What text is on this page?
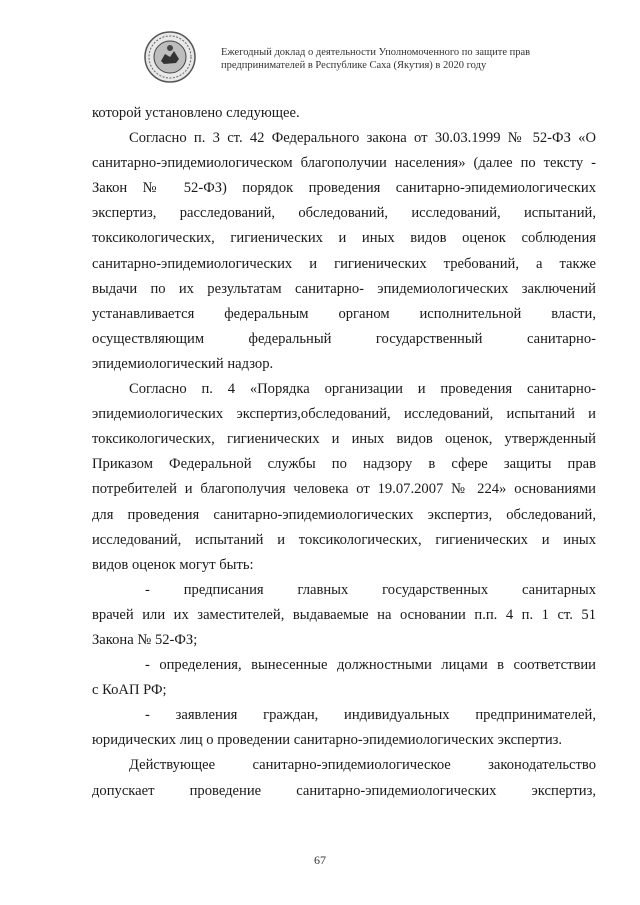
Ежегодный доклад о деятельности Уполномоченного по защите прав
предпринимателей в Республике Саха (Якутия) в 2020 году

которой установлено следующее.

Согласно п. 3 ст. 42 Федерального закона от 30.03.1999 № 52-ФЗ «О
санитарно-эпидемиологическом благополучии населения» (далее по тексту -
Закон № 52-ФЗ) порядок проведения санитарно-эпидемиологических
экспертиз, расследований, обследований, исследований, испытаний,
токсикологических, гигиенических и иных видов оценок соблюдения
санитарно-эпидемиологических и гигиенических требований, а также
выдачи по их результатам санитарно- эпидемиологических заключений
устанавливается федеральным органом исполнительной власти,
осуществляющим федеральный государственный санитарно-
эпидемиологический надзор.

Согласно п. 4 «Порядка организации и проведения санитарно-
эпидемиологических экспертиз,обследований, исследований, испытаний и
токсикологических, гигиенических и иных видов оценок, утвержденный
Приказом Федеральной службы по надзору в сфере защиты прав
потребителей и благополучия человека от 19.07.2007 № 224» основаниями
для проведения санитарно-эпидемиологических экспертиз, обследований,
исследований, испытаний и токсикологических, гигиенических и иных
видов оценок могут быть:

- предписания главных государственных санитарных
врачей или их заместителей, выдаваемые на основании п.п. 4 п. 1 ст. 51
Закона № 52-ФЗ;

- определения, вынесенные должностными лицами в соответствии
с КоАП РФ;

- заявления граждан, индивидуальных предпринимателей,
юридических лиц о проведении санитарно-эпидемиологических экспертиз.

Действующее санитарно-эпидемиологическое законодательство
допускает проведение санитарно-эпидемиологических экспертиз,

67
